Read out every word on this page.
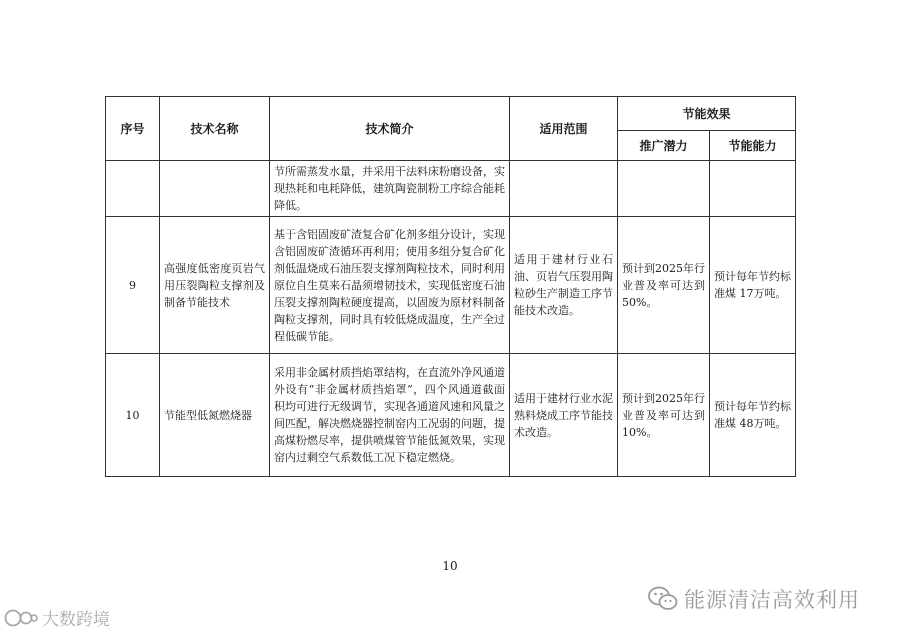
序号	技术名称	技术简介	适用范围	节能效果	
				推广潜力	节能能力

		节所需蒸发水量，并采用干法料床粉磨设备，实现热耗和电耗降低，建筑陶瓷制粉工序综合能耗降低。			

9	高强度低密度页岩气用压裂陶粒支撑剂及制备节能技术	基于含铝固废矿渣复合矿化剂多组分设计，实现含铝固废矿渣循环再利用；使用多组分复合矿化剂低温烧成石油压裂支撑剂陶粒技术，同时利用原位自生莫来石晶须增韧技术，实现低密度石油压裂支撑剂陶粒硬度提高，以固废为原材料制备陶粒支撑剂，同时具有较低烧成温度，生产全过程低碳节能。	适用于建材行业石油、页岩气压裂用陶粒砂生产制造工序节能技术改造。	预计到2025年行业普及率可达到50%。	预计每年节约标准煤 17万吨。

10	节能型低氮燃烧器	采用非金属材质挡焰罩结构，在直流外净风通道外设有“非金属材质挡焰罩”，四个风通道截面积均可进行无级调节，实现各通道风速和风量之间匹配，解决燃烧器控制窑内工况弱的问题，提高煤粉燃尽率，提供喷煤管节能低氮效果，实现窑内过剩空气系数低工况下稳定燃烧。	适用于建材行业水泥熟料烧成工序节能技术改造。	预计到2025年行业普及率可达到10%。	预计每年节约标准煤 48万吨。
10
能源清洁高效利用
大数跨境
